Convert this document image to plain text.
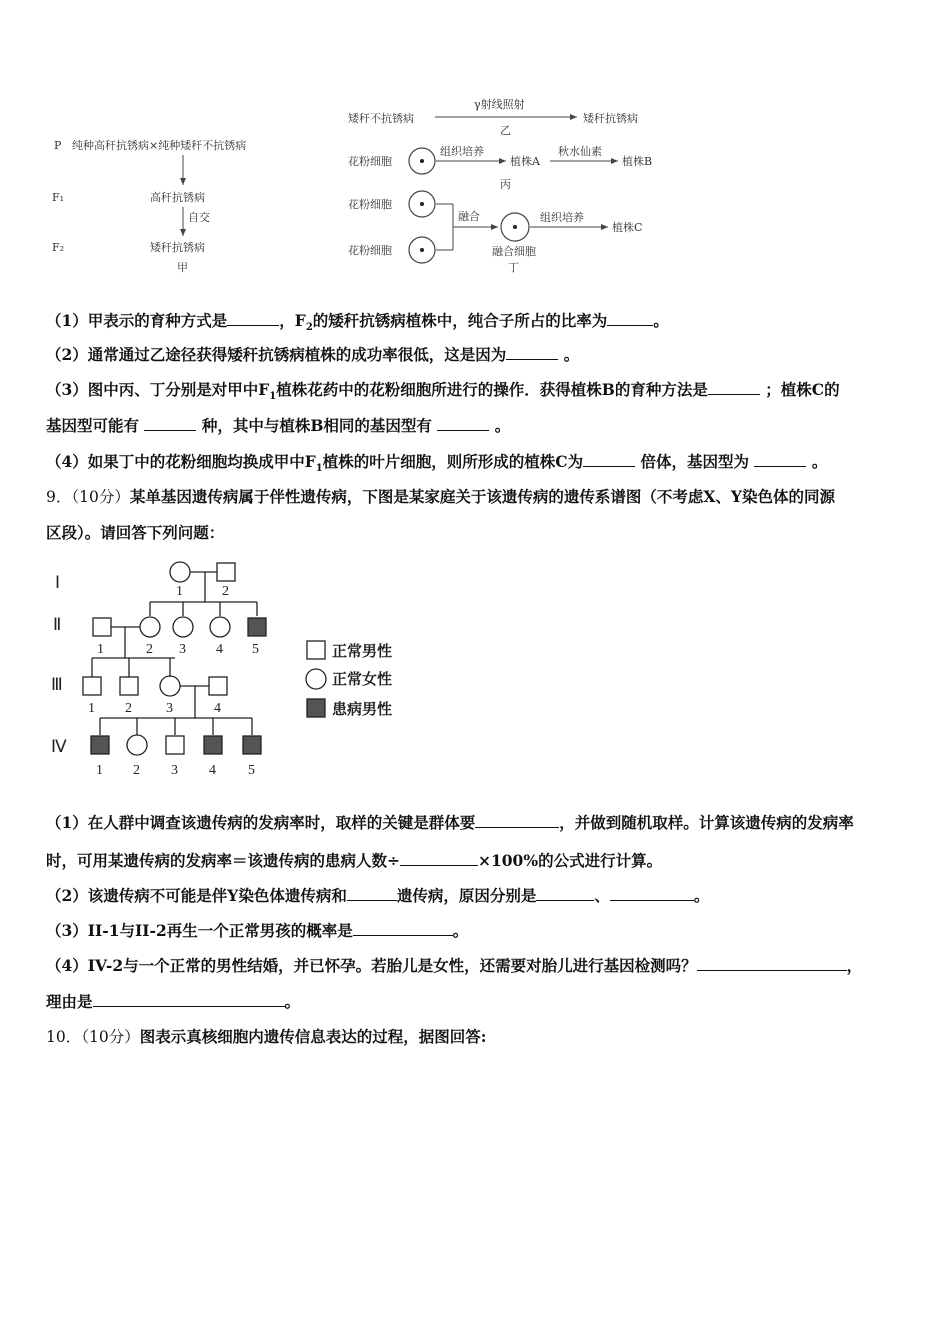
P 纯种高秆抗锈病×纯种矮秆不抗锈病
F₁	高秆抗锈病
自交
F₂	矮秆抗锈病
甲
矮秆不抗锈病
γ射线照射
矮秆抗锈病
乙
花粉细胞
组织培养
植株A
秋水仙素
植株B
丙
花粉细胞
花粉细胞
融合	组织培养
植株C
融合细胞
丁
（1）甲表示的育种方式是	，$F_2$的矮秆抗锈病植株中，纯合子所占的比率为	。
（2）通常通过乙途径获得矮秆抗锈病植株的成功率很低，这是因为	。
（3）图中丙、丁分别是对甲中$F_1$植株花药中的花粉细胞所进行的操作．获得植株B的育种方法是	；植株C的
基因型可能有	种，其中与植株B相同的基因型有	。
（4）如果丁中的花粉细胞均换成甲中$F_1$植株的叶片细胞，则所形成的植株C为	倍体，基因型为	。
9．（10分）某单基因遗传病属于伴性遗传病，下图是某家庭关于该遗传病的遗传系谱图（不考虑X、Y染色体的同源
区段）。请回答下列问题：
Ⅰ
Ⅱ
Ⅲ
Ⅳ
1	2
1	2 3 4 5
1 2 3	4
1 2 3 4 5
正常男性
正常女性
患病男性
（1）在人群中调查该遗传病的发病率时，取样的关键是群体要	，并做到随机取样。计算该遗传病的发病率
时，可用某遗传病的发病率＝该遗传病的患病人数÷	×100%的公式进行计算。
（2）该遗传病不可能是伴Y染色体遗传病和	遗传病，原因分别是	、	。
（3）II-1与II-2再生一个正常男孩的概率是	。
（4）IV-2与一个正常的男性结婚，并已怀孕。若胎儿是女性，还需要对胎儿进行基因检测吗？	，
理由是	。
10．（10分）图表示真核细胞内遗传信息表达的过程，据图回答:
